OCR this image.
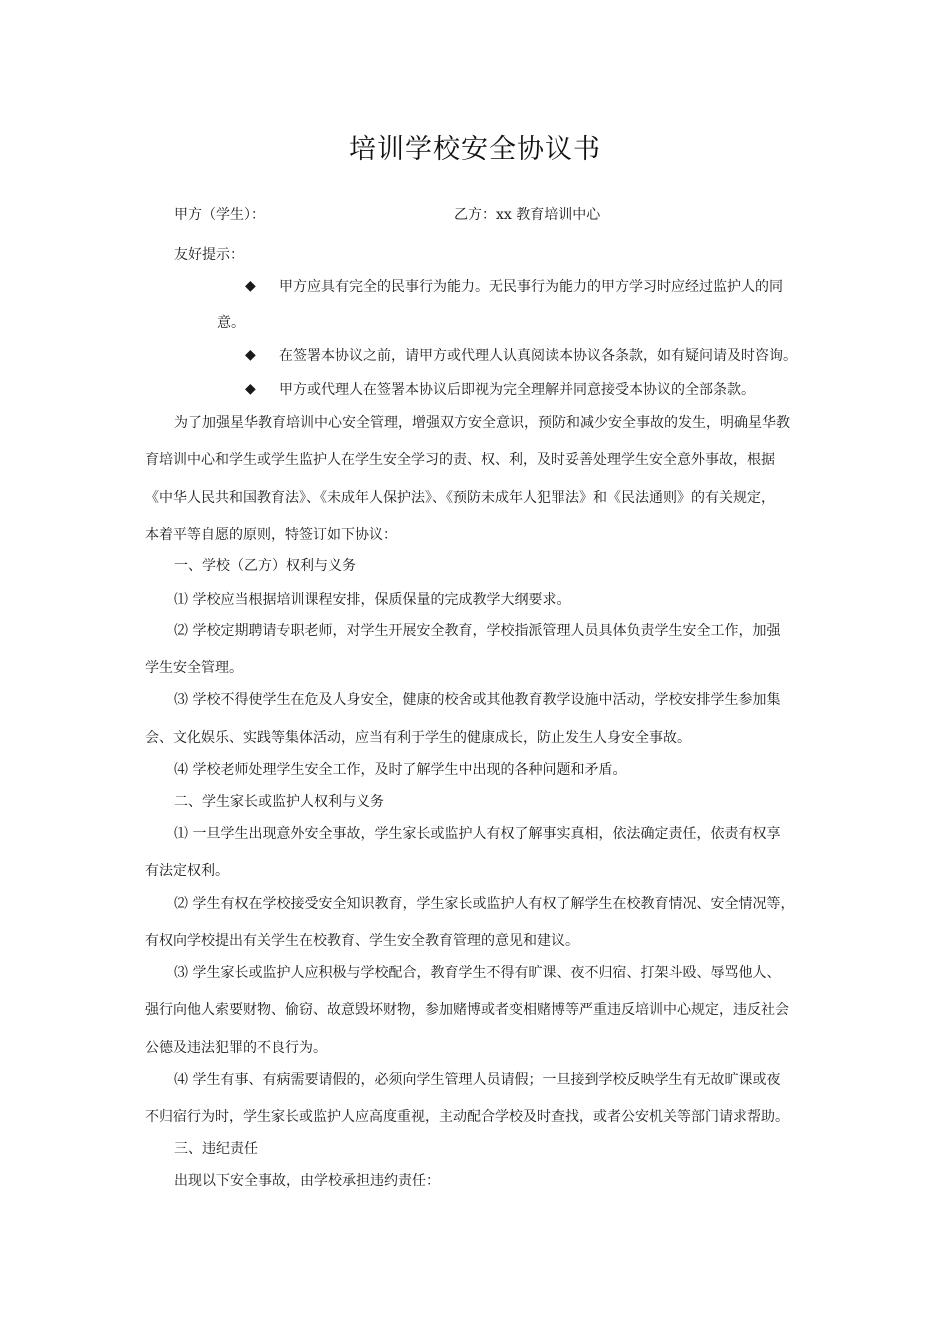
培训学校安全协议书
甲方（学生）：	乙方：xx 教育培训中心
友好提示：
◆ 甲方应具有完全的民事行为能力。无民事行为能力的甲方学习时应经过监护人的同
意。
◆ 在签署本协议之前，请甲方或代理人认真阅读本协议各条款，如有疑问请及时咨询。
◆ 甲方或代理人在签署本协议后即视为完全理解并同意接受本协议的全部条款。
为了加强星华教育培训中心安全管理，增强双方安全意识，预防和减少安全事故的发生，明确星华教
育培训中心和学生或学生监护人在学生安全学习的责、权、利，及时妥善处理学生安全意外事故，根据
《中华人民共和国教育法》、《未成年人保护法》、《预防未成年人犯罪法》和《民法通则》的有关规定，
本着平等自愿的原则，特签订如下协议：
一、学校（乙方）权利与义务
⑴ 学校应当根据培训课程安排，保质保量的完成教学大纲要求。
⑵ 学校定期聘请专职老师，对学生开展安全教育，学校指派管理人员具体负责学生安全工作，加强
学生安全管理。
⑶ 学校不得使学生在危及人身安全，健康的校舍或其他教育教学设施中活动，学校安排学生参加集
会、文化娱乐、实践等集体活动，应当有利于学生的健康成长，防止发生人身安全事故。
⑷ 学校老师处理学生安全工作，及时了解学生中出现的各种问题和矛盾。
二、学生家长或监护人权利与义务
⑴ 一旦学生出现意外安全事故，学生家长或监护人有权了解事实真相，依法确定责任，依责有权享
有法定权利。
⑵ 学生有权在学校接受安全知识教育，学生家长或监护人有权了解学生在校教育情况、安全情况等，
有权向学校提出有关学生在校教育、学生安全教育管理的意见和建议。
⑶ 学生家长或监护人应积极与学校配合，教育学生不得有旷课、夜不归宿、打架斗殴、辱骂他人、
强行向他人索要财物、偷窃、故意毁坏财物，参加赌博或者变相赌博等严重违反培训中心规定，违反社会
公德及违法犯罪的不良行为。
⑷ 学生有事、有病需要请假的，必须向学生管理人员请假；一旦接到学校反映学生有无故旷课或夜
不归宿行为时，学生家长或监护人应高度重视，主动配合学校及时查找，或者公安机关等部门请求帮助。
三、违纪责任
出现以下安全事故，由学校承担违约责任：
